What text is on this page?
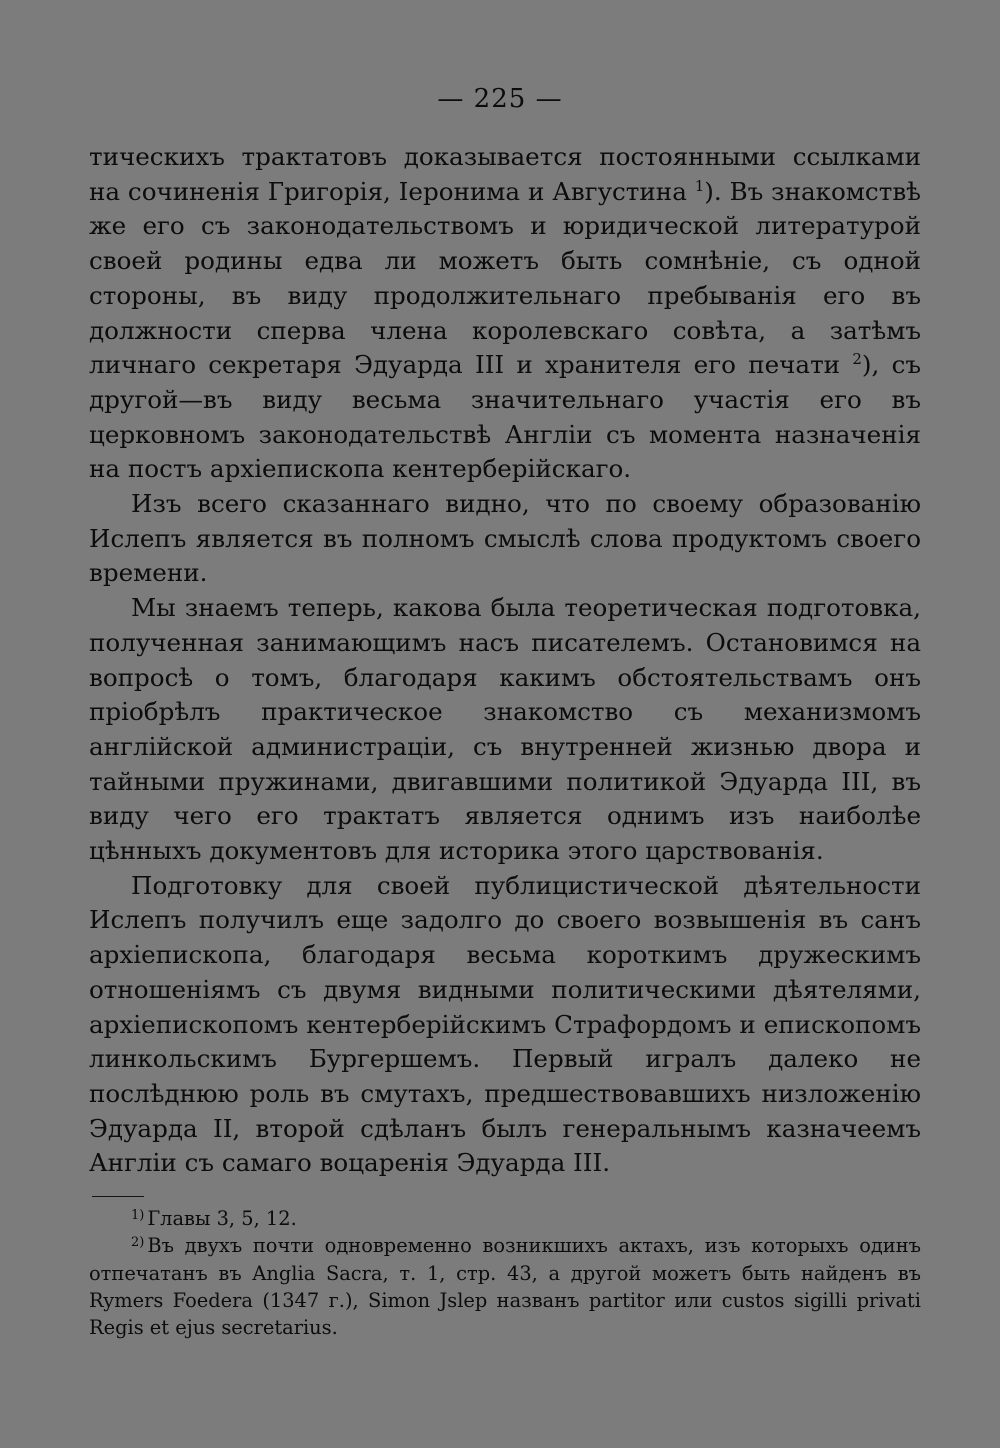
— 225 —

тическихъ трактатовъ доказывается постоянными ссылками на сочиненія Григорія, Іеронима и Августина $^1$). Въ знакомствѣ же его съ законодательствомъ и юридической литературой своей родины едва ли можетъ быть сомнѣніе, съ одной стороны, въ виду продолжительнаго пребыванія его въ должности сперва члена королевскаго совѣта, а затѣмъ личнаго секретаря Эдуарда III и хранителя его печати $^2$), съ другой—въ виду весьма значительнаго участія его въ церковномъ законодательствѣ Англіи съ момента назначенія на постъ архіепископа кентерберійскаго.

Изъ всего сказаннаго видно, что по своему образованію Ислепъ является въ полномъ смыслѣ слова продуктомъ своего времени.

Мы знаемъ теперь, какова была теоретическая подготовка, полученная занимающимъ насъ писателемъ. Остановимся на вопросѣ о томъ, благодаря какимъ обстоятельствамъ онъ пріобрѣлъ практическое знакомство съ механизмомъ англійской администраціи, съ внутренней жизнью двора и тайными пружинами, двигавшими политикой Эдуарда III, въ виду чего его трактатъ является однимъ изъ наиболѣе цѣнныхъ документовъ для историка этого царствованія.

Подготовку для своей публицистической дѣятельности Ислепъ получилъ еще задолго до своего возвышенія въ санъ архіепископа, благодаря весьма короткимъ дружескимъ отношеніямъ съ двумя видными политическими дѣятелями, архіепископомъ кентерберійскимъ Страфордомъ и епископомъ линкольскимъ Бургершемъ. Первый игралъ далеко не послѣднюю роль въ смутахъ, предшествовавшихъ низложенію Эдуарда II, второй сдѣланъ былъ генеральнымъ казначеемъ Англіи съ самаго воцаренія Эдуарда III.

$^{1)}$ Главы 3, 5, 12.

$^{2)}$ Въ двухъ почти одновременно возникшихъ актахъ, изъ которыхъ одинъ отпечатанъ въ Anglia Sacra, т. 1, стр. 43, а другой можетъ быть найденъ въ Rymers Foedera (1347 г.), Simon Jslep названъ partitor или custos sigilli privati Regis et ejus secretarius.
